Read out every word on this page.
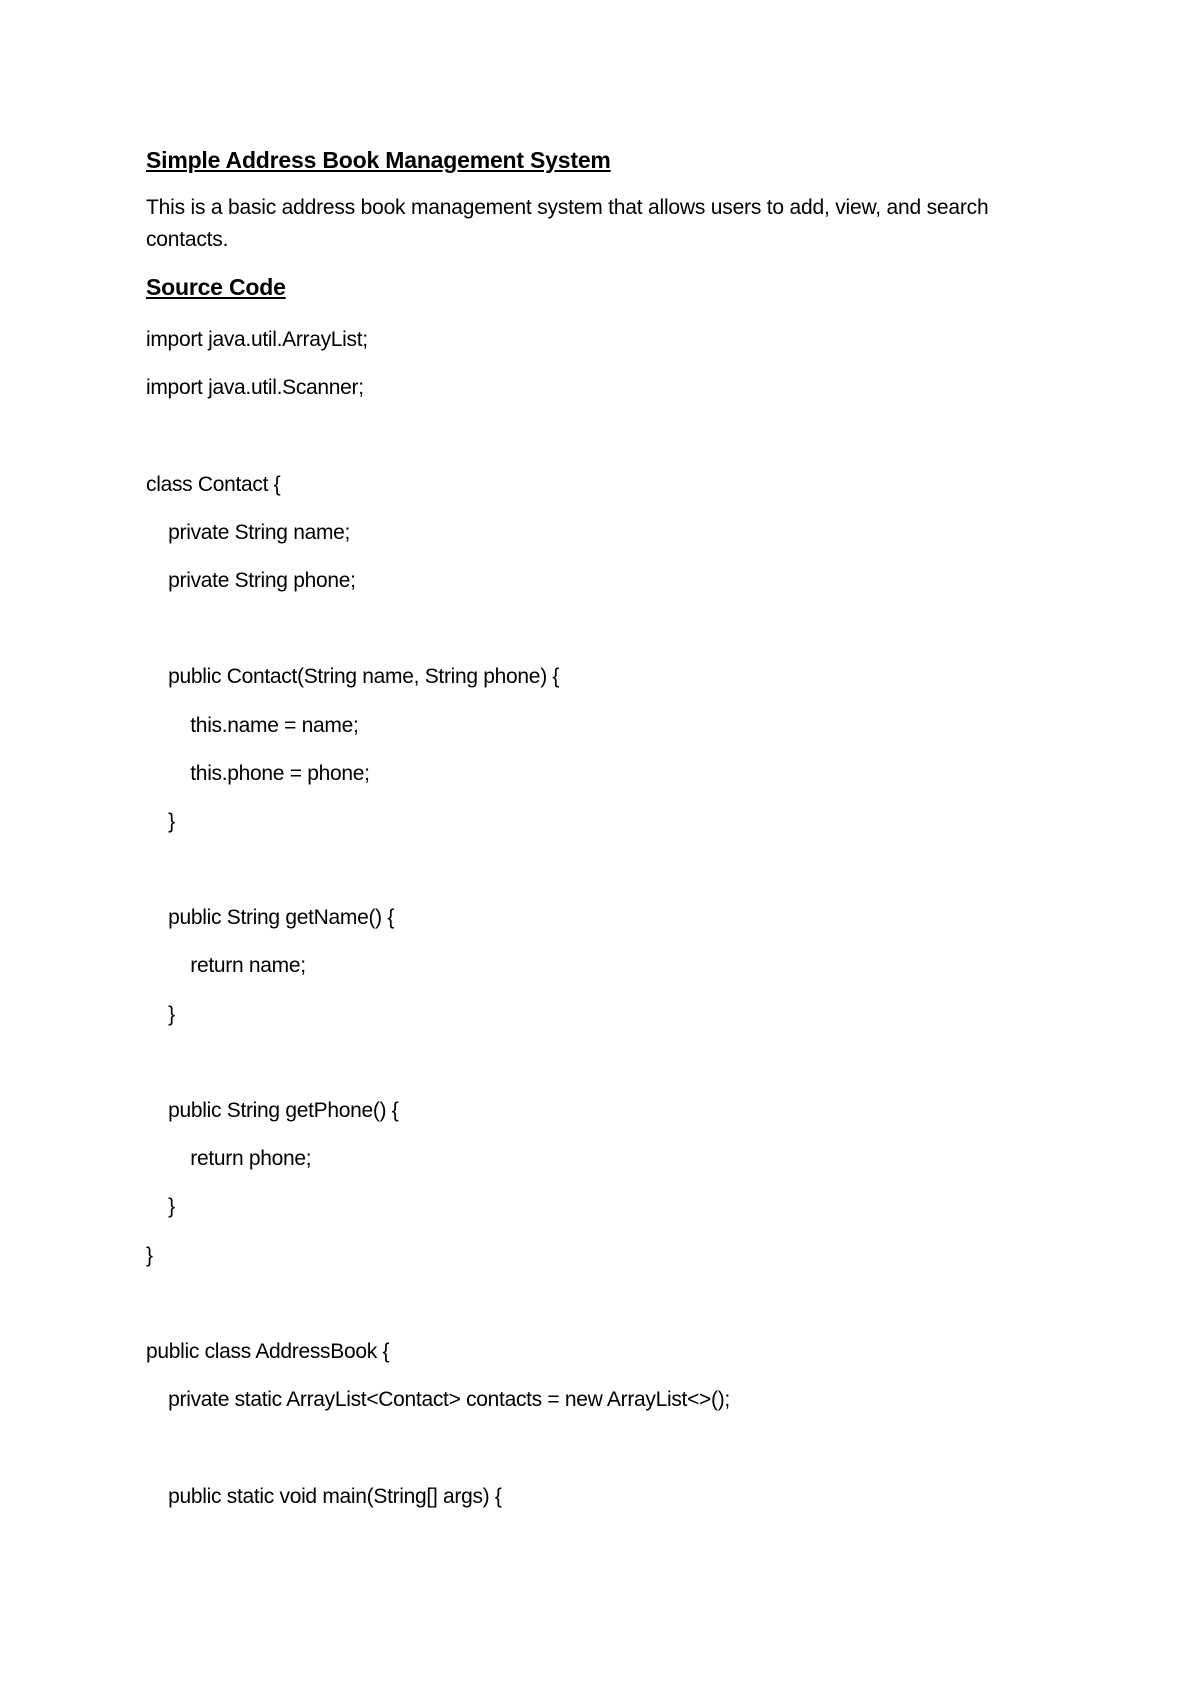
Simple Address Book Management System
This is a basic address book management system that allows users to add, view, and search contacts.
Source Code
import java.util.ArrayList;
import java.util.Scanner;
class Contact {
private String name;
private String phone;
public Contact(String name, String phone) {
this.name = name;
this.phone = phone;
}
public String getName() {
return name;
}
public String getPhone() {
return phone;
}
}
public class AddressBook {
private static ArrayList<Contact> contacts = new ArrayList<>();
public static void main(String[] args) {
